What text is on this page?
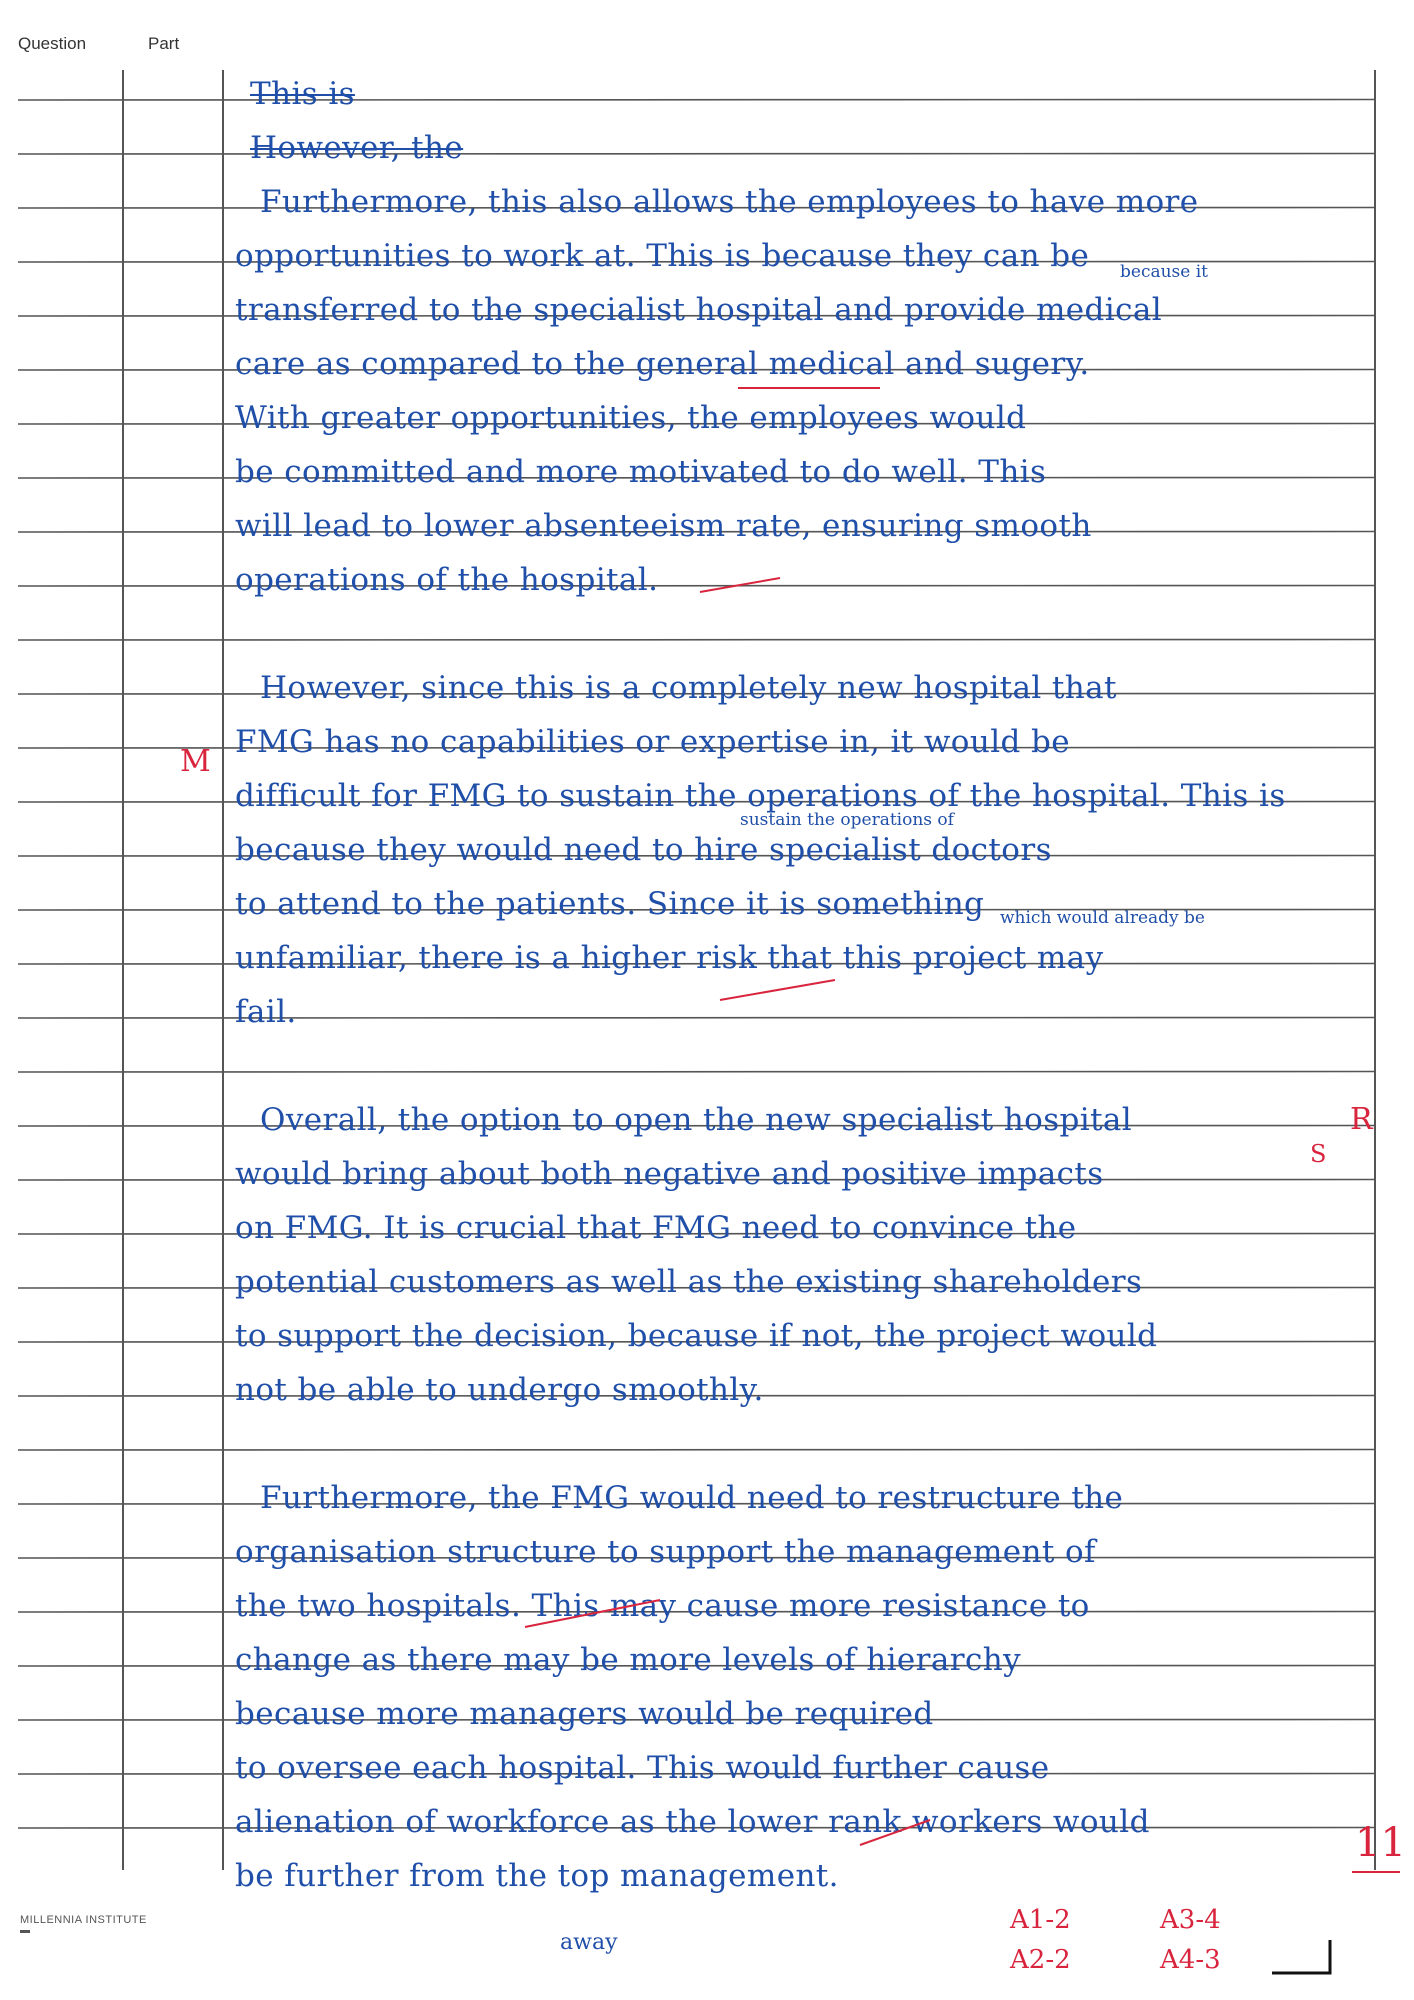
Question	Part
This is
However, the
Furthermore, this also allows the employees to have more
opportunities to work at. This is because they can be
transferred to the specialist hospital and provide medical
care as compared to the general medical and sugery.
With greater opportunities, the employees would
be committed and more motivated to do well. This
will lead to lower absenteeism rate, ensuring smooth
operations of the hospital.
However, since this is a completely new hospital that
FMG has no capabilities or expertise in, it would be
difficult for FMG to sustain the operations of the hospital. This is
because they would need to hire specialist doctors
to attend to the patients. Since it is something
unfamiliar, there is a higher risk that this project may
fail.
Overall, the option to open the new specialist hospital
would bring about both negative and positive impacts
on FMG. It is crucial that FMG need to convince the
potential customers as well as the existing shareholders
to support the decision, because if not, the project would
not be able to undergo smoothly.
Furthermore, the FMG would need to restructure the
organisation structure to support the management of
the two hospitals. This may cause more resistance to
change as there may be more levels of hierarchy
because more managers would be required
to oversee each hospital. This would further cause
alienation of workforce as the lower rank workers would
be further from the top management.
because it
sustain the operations of
which would already be
away
M
S
R
11
A1-2
A2-2
A3-4
A4-3
MILLENNIA INSTITUTE
